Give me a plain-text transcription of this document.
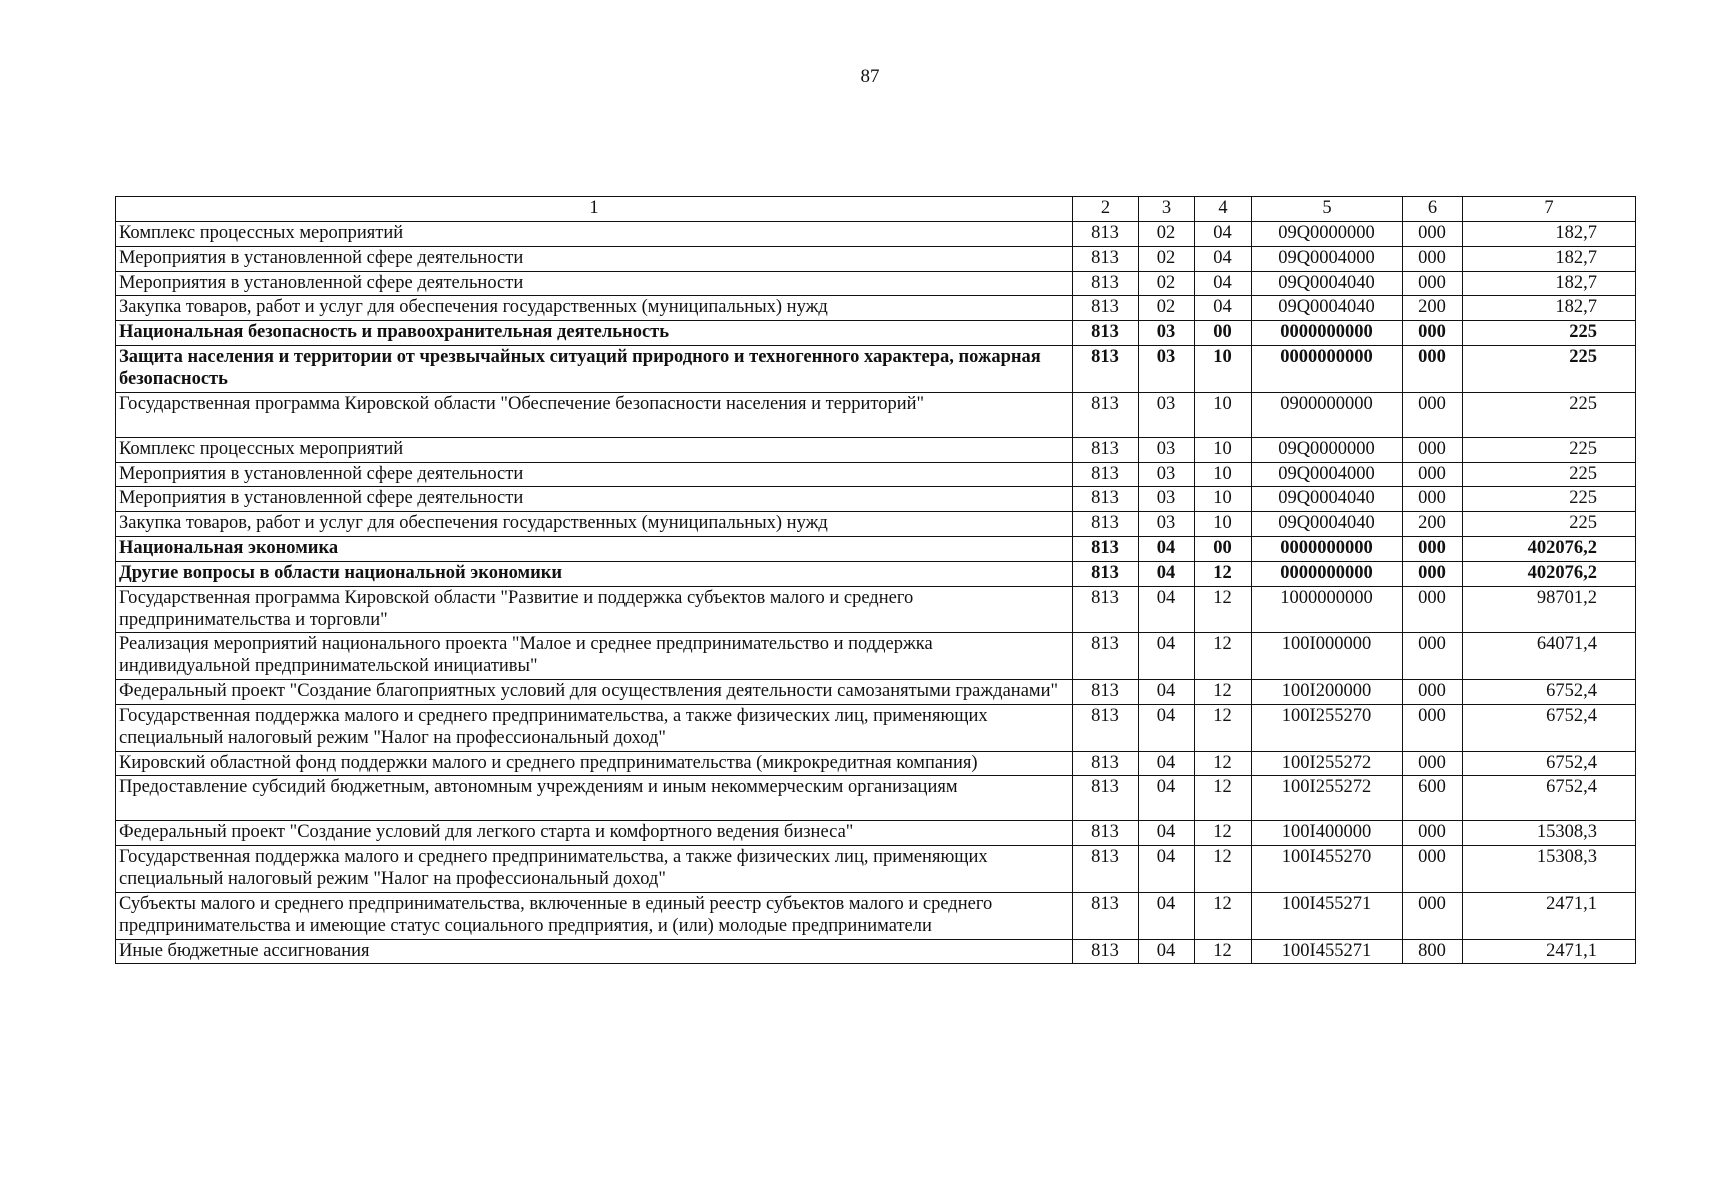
87
1	2	3	4	5	6	7
Комплекс процессных мероприятий	813	02	04	09Q0000000	000	182,7
Мероприятия в установленной сфере деятельности	813	02	04	09Q0004000	000	182,7
Мероприятия в установленной сфере деятельности	813	02	04	09Q0004040	000	182,7
Закупка товаров, работ и услуг для обеспечения государственных (муниципальных) нужд	813	02	04	09Q0004040	200	182,7
Национальная безопасность и правоохранительная деятельность	813	03	00	0000000000	000	225
Защита населения и территории от чрезвычайных ситуаций природного и техногенного характера, пожарная безопасность	813	03	10	0000000000	000	225
Государственная программа Кировской области "Обеспечение безопасности населения и территорий"	813	03	10	0900000000	000	225
Комплекс процессных мероприятий	813	03	10	09Q0000000	000	225
Мероприятия в установленной сфере деятельности	813	03	10	09Q0004000	000	225
Мероприятия в установленной сфере деятельности	813	03	10	09Q0004040	000	225
Закупка товаров, работ и услуг для обеспечения государственных (муниципальных) нужд	813	03	10	09Q0004040	200	225
Национальная экономика	813	04	00	0000000000	000	402076,2
Другие вопросы в области национальной экономики	813	04	12	0000000000	000	402076,2
Государственная программа Кировской области "Развитие и поддержка субъектов малого и среднего предпринимательства и торговли"	813	04	12	1000000000	000	98701,2
Реализация мероприятий национального проекта "Малое и среднее предпринимательство и поддержка индивидуальной предпринимательской инициативы"	813	04	12	100I000000	000	64071,4
Федеральный проект "Создание благоприятных условий для осуществления деятельности самозанятыми гражданами"	813	04	12	100I200000	000	6752,4
Государственная поддержка малого и среднего предпринимательства, а также физических лиц, применяющих специальный налоговый режим "Налог на профессиональный доход"	813	04	12	100I255270	000	6752,4
Кировский областной фонд поддержки малого и среднего предпринимательства (микрокредитная компания)	813	04	12	100I255272	000	6752,4
Предоставление субсидий бюджетным, автономным учреждениям и иным некоммерческим организациям	813	04	12	100I255272	600	6752,4
Федеральный проект "Создание условий для легкого старта и комфортного ведения бизнеса"	813	04	12	100I400000	000	15308,3
Государственная поддержка малого и среднего предпринимательства, а также физических лиц, применяющих специальный налоговый режим "Налог на профессиональный доход"	813	04	12	100I455270	000	15308,3
Субъекты малого и среднего предпринимательства, включенные в единый реестр субъектов малого и среднего предпринимательства и имеющие статус социального предприятия, и (или) молодые предприниматели	813	04	12	100I455271	000	2471,1
Иные бюджетные ассигнования	813	04	12	100I455271	800	2471,1
